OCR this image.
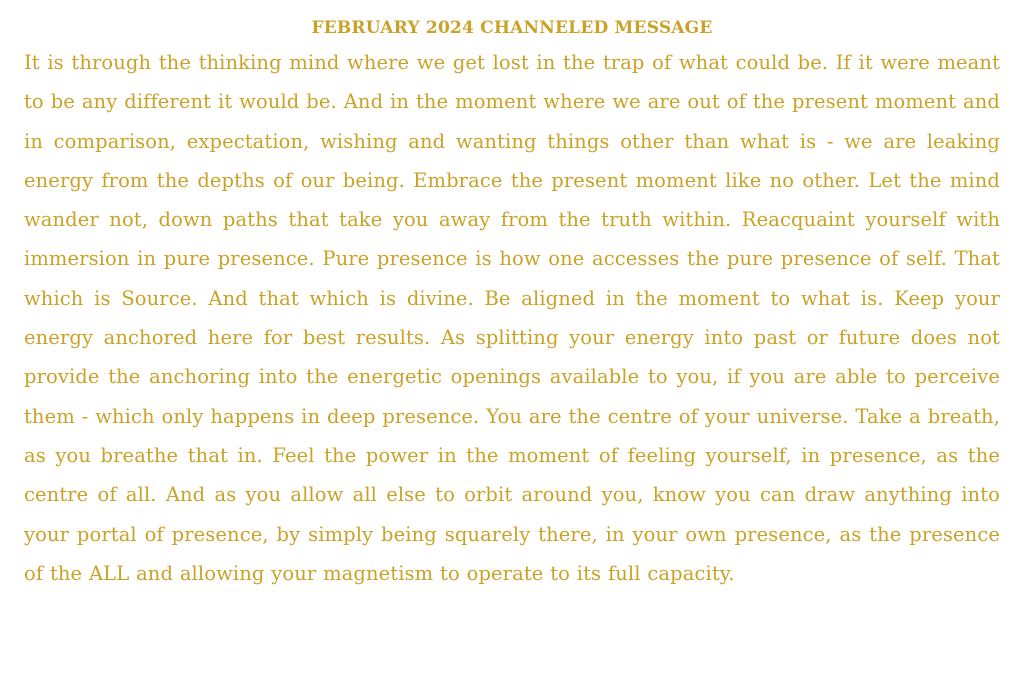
FEBRUARY 2024 CHANNELED MESSAGE

It is through the thinking mind where we get lost in the trap of what could be. If it were meant to be any different it would be. And in the moment where we are out of the present moment and in comparison, expectation, wishing and wanting things other than what is - we are leaking energy from the depths of our being. Embrace the present moment like no other. Let the mind wander not, down paths that take you away from the truth within. Reacquaint yourself with immersion in pure presence. Pure presence is how one accesses the pure presence of self. That which is Source. And that which is divine. Be aligned in the moment to what is. Keep your energy anchored here for best results. As splitting your energy into past or future does not provide the anchoring into the energetic openings available to you, if you are able to perceive them - which only happens in deep presence. You are the centre of your universe. Take a breath, as you breathe that in. Feel the power in the moment of feeling yourself, in presence, as the centre of all. And as you allow all else to orbit around you, know you can draw anything into your portal of presence, by simply being squarely there, in your own presence, as the presence of the ALL and allowing your magnetism to operate to its full capacity.
